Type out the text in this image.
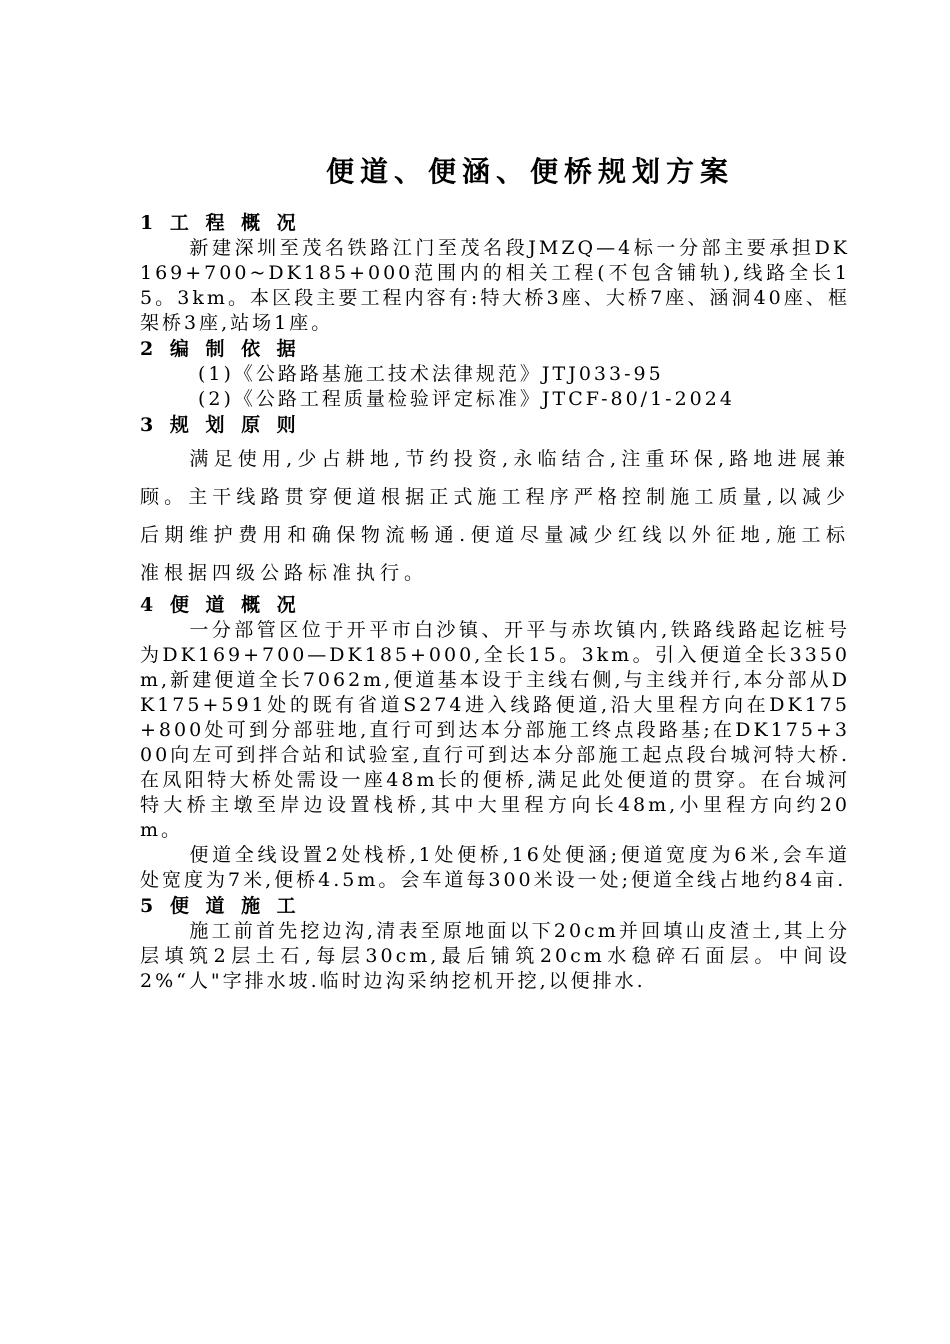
便道、便涵、便桥规划方案

1 工 程 概 况

新建深圳至茂名铁路江门至茂名段JMZQ—4标一分部主要承担DK169+700~DK185+000范围内的相关工程(不包含铺轨),线路全长15。3km。本区段主要工程内容有:特大桥3座、大桥7座、涵洞40座、框架桥3座,站场1座。

2 编 制 依 据

(1)《公路路基施工技术法律规范》JTJ033-95

(2)《公路工程质量检验评定标准》JTCF-80/1-2024

3 规 划 原 则

满足使用,少占耕地,节约投资,永临结合,注重环保,路地进展兼顾。主干线路贯穿便道根据正式施工程序严格控制施工质量,以减少后期维护费用和确保物流畅通.便道尽量减少红线以外征地,施工标准根据四级公路标准执行。

4 便 道 概 况

一分部管区位于开平市白沙镇、开平与赤坎镇内,铁路线路起讫桩号为DK169+700—DK185+000,全长15。3km。引入便道全长3350m,新建便道全长7062m,便道基本设于主线右侧,与主线并行,本分部从DK175+591处的既有省道S274进入线路便道,沿大里程方向在DK175+800处可到分部驻地,直行可到达本分部施工终点段路基;在DK175+300向左可到拌合站和试验室,直行可到达本分部施工起点段台城河特大桥.在凤阳特大桥处需设一座48m长的便桥,满足此处便道的贯穿。在台城河特大桥主墩至岸边设置栈桥,其中大里程方向长48m,小里程方向约20m。

便道全线设置2处栈桥,1处便桥,16处便涵;便道宽度为6米,会车道处宽度为7米,便桥4.5m。会车道每300米设一处;便道全线占地约84亩.

5 便 道 施 工

施工前首先挖边沟,清表至原地面以下20cm并回填山皮渣土,其上分层填筑2层土石,每层30cm,最后铺筑20cm水稳碎石面层。中间设2%“人"字排水坡.临时边沟采纳挖机开挖,以便排水.
